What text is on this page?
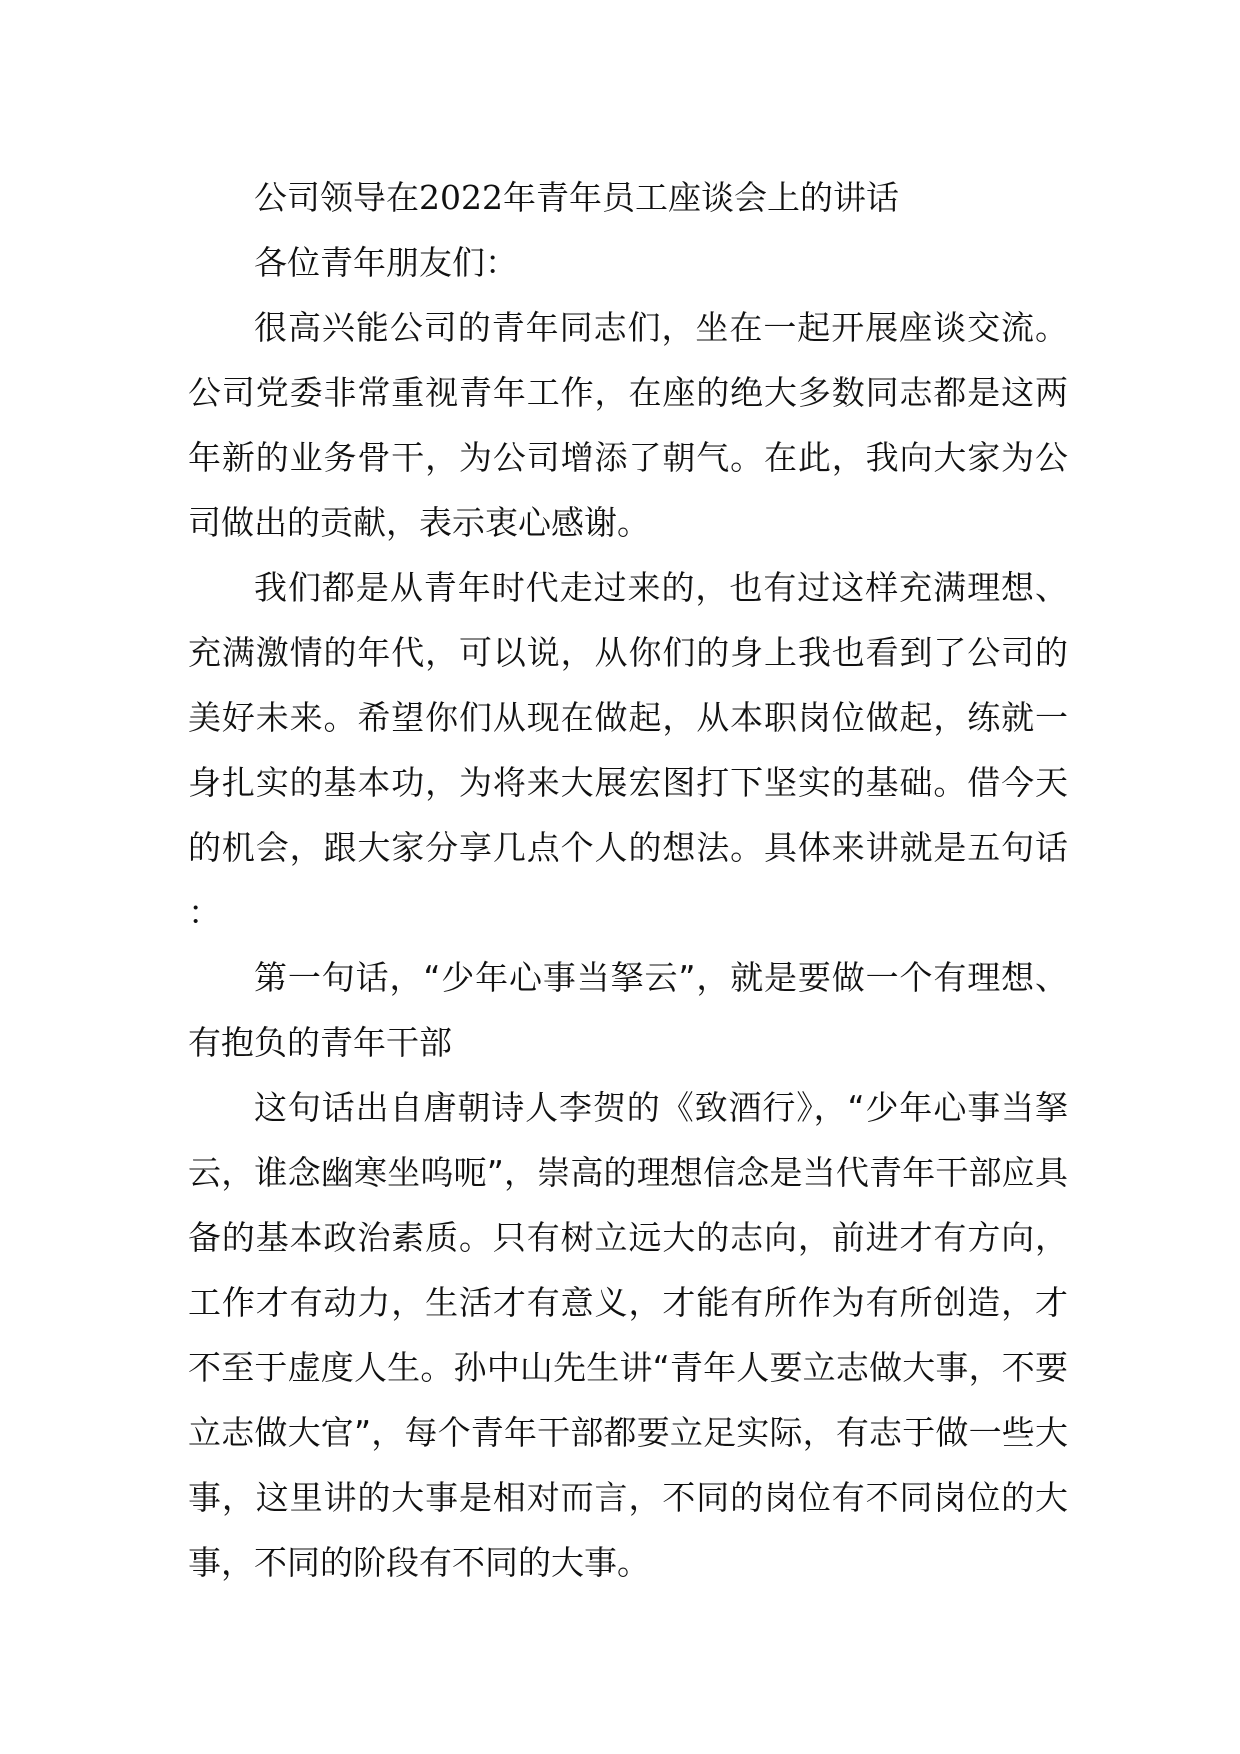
公司领导在2022年青年员工座谈会上的讲话

各位青年朋友们：

很高兴能公司的青年同志们，坐在一起开展座谈交流。公司党委非常重视青年工作，在座的绝大多数同志都是这两年新的业务骨干，为公司增添了朝气。在此，我向大家为公司做出的贡献，表示衷心感谢。

我们都是从青年时代走过来的，也有过这样充满理想、充满激情的年代，可以说，从你们的身上我也看到了公司的美好未来。希望你们从现在做起，从本职岗位做起，练就一身扎实的基本功，为将来大展宏图打下坚实的基础。借今天的机会，跟大家分享几点个人的想法。具体来讲就是五句话：

第一句话，“少年心事当拏云”，就是要做一个有理想、有抱负的青年干部

这句话出自唐朝诗人李贺的《致酒行》，“少年心事当拏云，谁念幽寒坐呜呃”，崇高的理想信念是当代青年干部应具备的基本政治素质。只有树立远大的志向，前进才有方向，工作才有动力，生活才有意义，才能有所作为有所创造，才不至于虚度人生。孙中山先生讲“青年人要立志做大事，不要立志做大官”，每个青年干部都要立足实际，有志于做一些大事，这里讲的大事是相对而言，不同的岗位有不同岗位的大事，不同的阶段有不同的大事。
